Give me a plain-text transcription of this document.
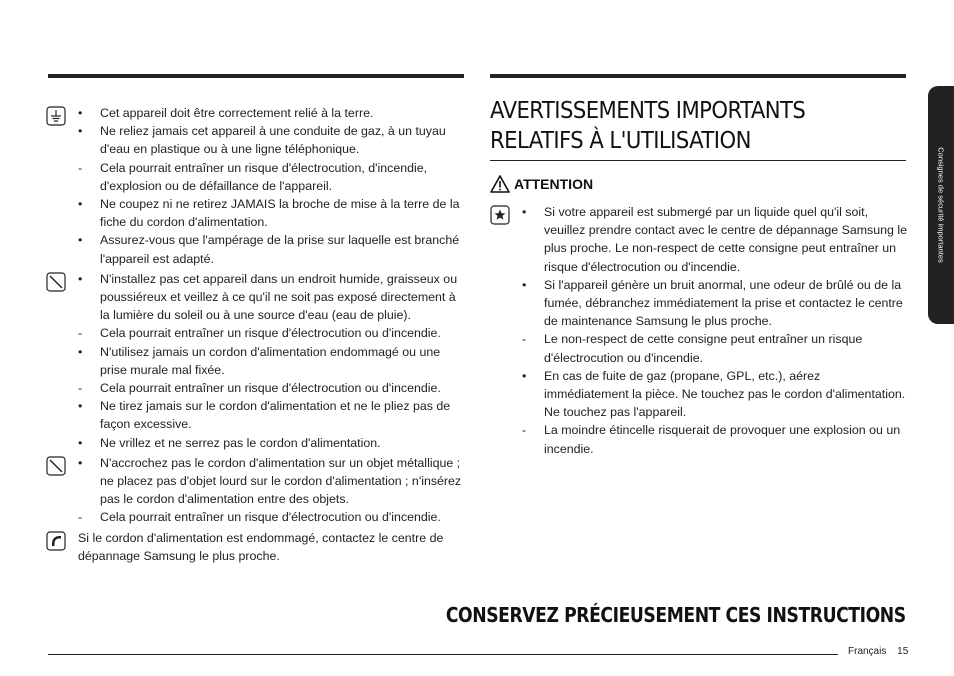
• Cet appareil doit être correctement relié à la terre.
• Ne reliez jamais cet appareil à une conduite de gaz, à un tuyau d'eau en plastique ou à une ligne téléphonique.
- Cela pourrait entraîner un risque d'électrocution, d'incendie, d'explosion ou de défaillance de l'appareil.
• Ne coupez ni ne retirez JAMAIS la broche de mise à la terre de la fiche du cordon d'alimentation.
• Assurez-vous que l'ampérage de la prise sur laquelle est branché l'appareil est adapté.
• N'installez pas cet appareil dans un endroit humide, graisseux ou poussiéreux et veillez à ce qu'il ne soit pas exposé directement à la lumière du soleil ou à une source d'eau (eau de pluie).
- Cela pourrait entraîner un risque d'électrocution ou d'incendie.
• N'utilisez jamais un cordon d'alimentation endommagé ou une prise murale mal fixée.
- Cela pourrait entraîner un risque d'électrocution ou d'incendie.
• Ne tirez jamais sur le cordon d'alimentation et ne le pliez pas de façon excessive.
• Ne vrillez et ne serrez pas le cordon d'alimentation.
• N'accrochez pas le cordon d'alimentation sur un objet métallique ; ne placez pas d'objet lourd sur le cordon d'alimentation ; n'insérez pas le cordon d'alimentation entre des objets.
- Cela pourrait entraîner un risque d'électrocution ou d'incendie.
Si le cordon d'alimentation est endommagé, contactez le centre de dépannage Samsung le plus proche.
AVERTISSEMENTS IMPORTANTS RELATIFS À L'UTILISATION
ATTENTION
• Si votre appareil est submergé par un liquide quel qu'il soit, veuillez prendre contact avec le centre de dépannage Samsung le plus proche. Le non-respect de cette consigne peut entraîner un risque d'électrocution ou d'incendie.
• Si l'appareil génère un bruit anormal, une odeur de brûlé ou de la fumée, débranchez immédiatement la prise et contactez le centre de maintenance Samsung le plus proche.
- Le non-respect de cette consigne peut entraîner un risque d'électrocution ou d'incendie.
• En cas de fuite de gaz (propane, GPL, etc.), aérez immédiatement la pièce. Ne touchez pas le cordon d'alimentation. Ne touchez pas l'appareil.
- La moindre étincelle risquerait de provoquer une explosion ou un incendie.
CONSERVEZ PRÉCIEUSEMENT CES INSTRUCTIONS
Français 15
Consignes de sécurité importantes
